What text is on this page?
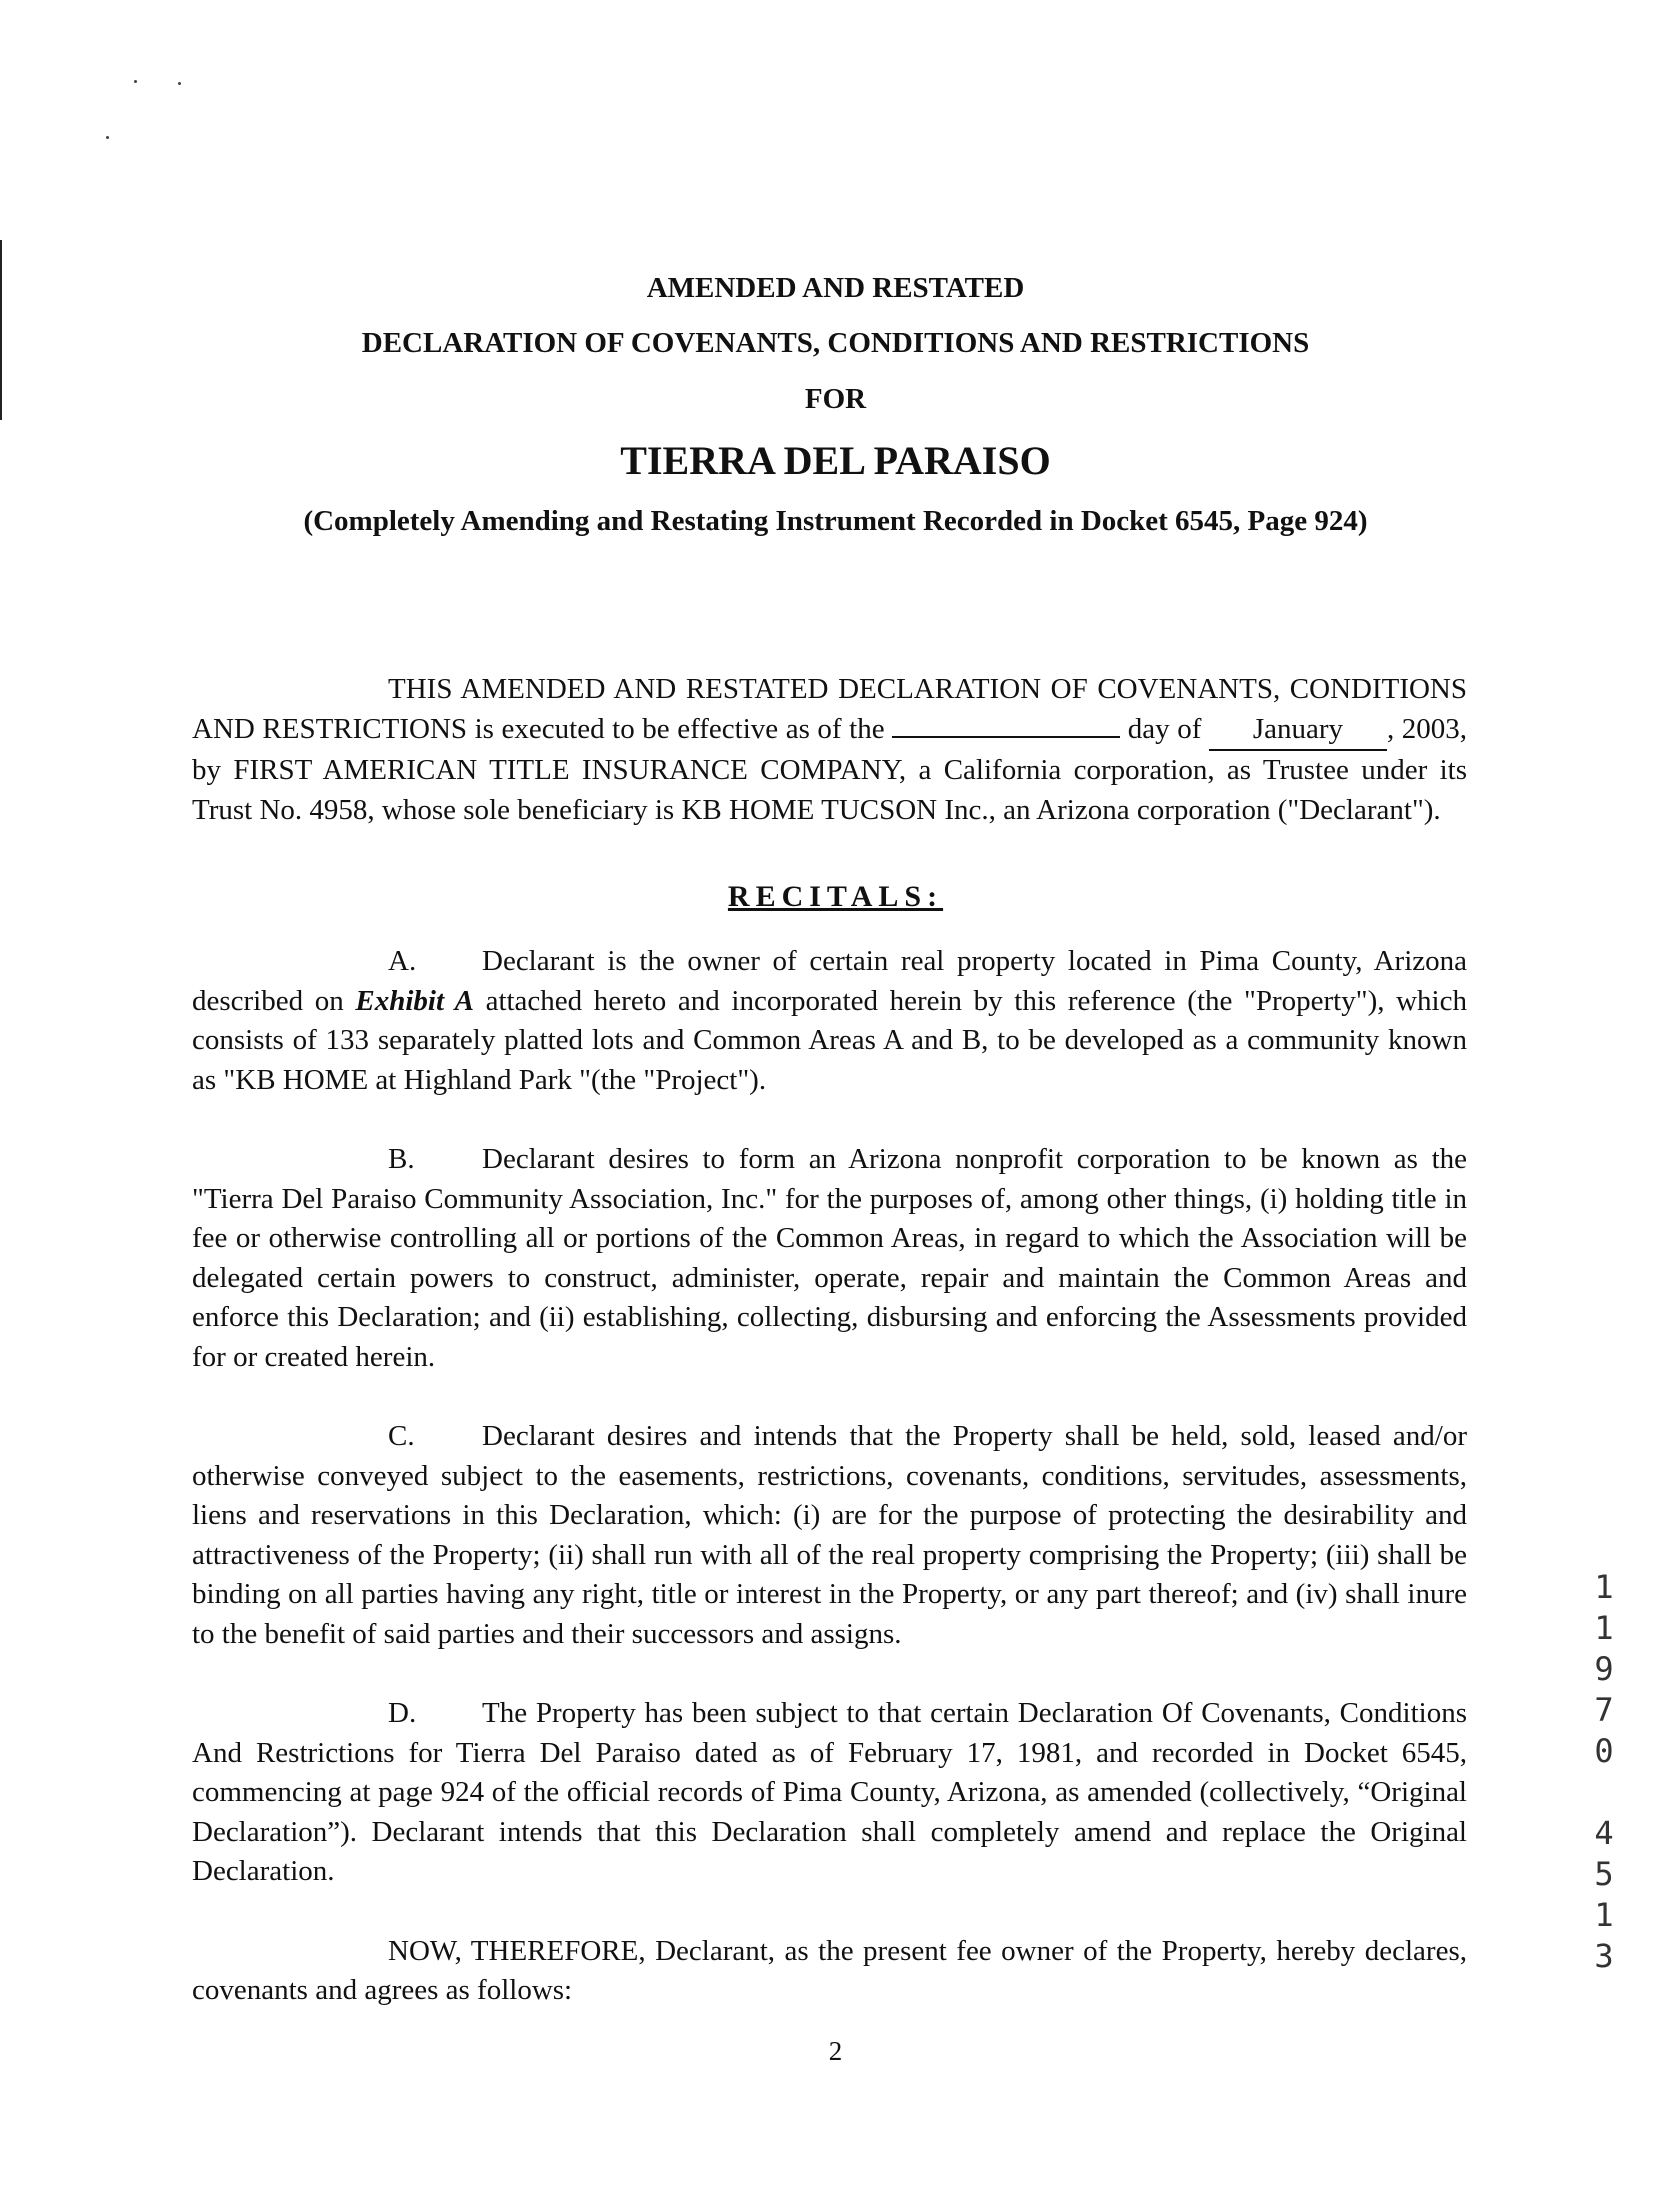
AMENDED AND RESTATED
DECLARATION OF COVENANTS, CONDITIONS AND RESTRICTIONS
FOR
TIERRA DEL PARAISO
(Completely Amending and Restating Instrument Recorded in Docket 6545, Page 924)

THIS AMENDED AND RESTATED DECLARATION OF COVENANTS, CONDITIONS AND RESTRICTIONS is executed to be effective as of the	day of January , 2003, by FIRST AMERICAN TITLE INSURANCE COMPANY, a California corporation, as Trustee under its Trust No. 4958, whose sole beneficiary is KB HOME TUCSON Inc., an Arizona corporation ("Declarant").

RECITALS:

A. Declarant is the owner of certain real property located in Pima County, Arizona described on Exhibit A attached hereto and incorporated herein by this reference (the "Property"), which consists of 133 separately platted lots and Common Areas A and B, to be developed as a community known as "KB HOME at Highland Park "(the "Project").

B. Declarant desires to form an Arizona nonprofit corporation to be known as the "Tierra Del Paraiso Community Association, Inc." for the purposes of, among other things, (i) holding title in fee or otherwise controlling all or portions of the Common Areas, in regard to which the Association will be delegated certain powers to construct, administer, operate, repair and maintain the Common Areas and enforce this Declaration; and (ii) establishing, collecting, disbursing and enforcing the Assessments provided for or created herein.

C. Declarant desires and intends that the Property shall be held, sold, leased and/or otherwise conveyed subject to the easements, restrictions, covenants, conditions, servitudes, assessments, liens and reservations in this Declaration, which: (i) are for the purpose of protecting the desirability and attractiveness of the Property; (ii) shall run with all of the real property comprising the Property; (iii) shall be binding on all parties having any right, title or interest in the Property, or any part thereof; and (iv) shall inure to the benefit of said parties and their successors and assigns.

D. The Property has been subject to that certain Declaration Of Covenants, Conditions And Restrictions for Tierra Del Paraiso dated as of February 17, 1981, and recorded in Docket 6545, commencing at page 924 of the official records of Pima County, Arizona, as amended (collectively, “Original Declaration”). Declarant intends that this Declaration shall completely amend and replace the Original Declaration.

NOW, THEREFORE, Declarant, as the present fee owner of the Property, hereby declares, covenants and agrees as follows:

1
1
9
7
0
4
5
1
3
2
